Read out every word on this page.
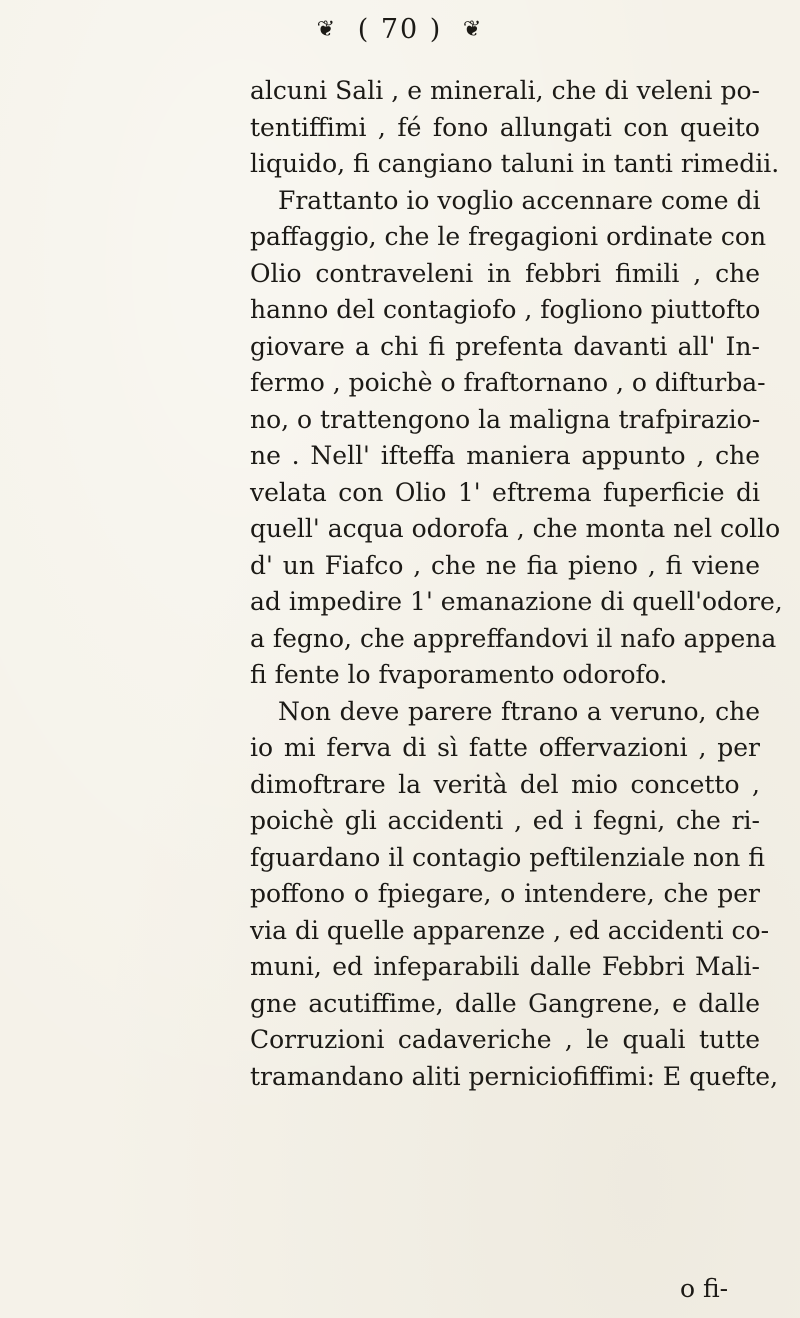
❦ ( 70 ) ❦
alcuni Sali , e minerali, che di veleni po-
tentiffimi , fé fono allungati con queito
liquido, fi cangiano taluni in tanti rimedii.
Frattanto io voglio accennare come di
paffaggio, che le fregagioni ordinate con
Olio contraveleni in febbri fimili , che
hanno del contagiofo , fogliono piuttofto
giovare a chi fi prefenta davanti all' In-
fermo , poichè o fraftornano , o difturba-
no, o trattengono la maligna trafpirazio-
ne . Nell' ifteffa maniera appunto , che
velata con Olio 1' eftrema fuperficie di
quell' acqua odorofa , che monta nel collo
d' un Fiafco , che ne fia pieno , fi viene
ad impedire 1' emanazione di quell'odore,
a fegno, che appreffandovi il nafo appena
fi fente lo fvaporamento odorofo.
Non deve parere ftrano a veruno, che
io mi ferva di sì fatte offervazioni , per
dimoftrare la verità del mio concetto ,
poichè gli accidenti , ed i fegni, che ri-
fguardano il contagio peftilenziale non fi
poffono o fpiegare, o intendere, che per
via di quelle apparenze , ed accidenti co-
muni, ed infeparabili dalle Febbri Mali-
gne acutiffime, dalle Gangrene, e dalle
Corruzioni cadaveriche , le quali tutte
tramandano aliti perniciofiffimi: E quefte,
o fi-
